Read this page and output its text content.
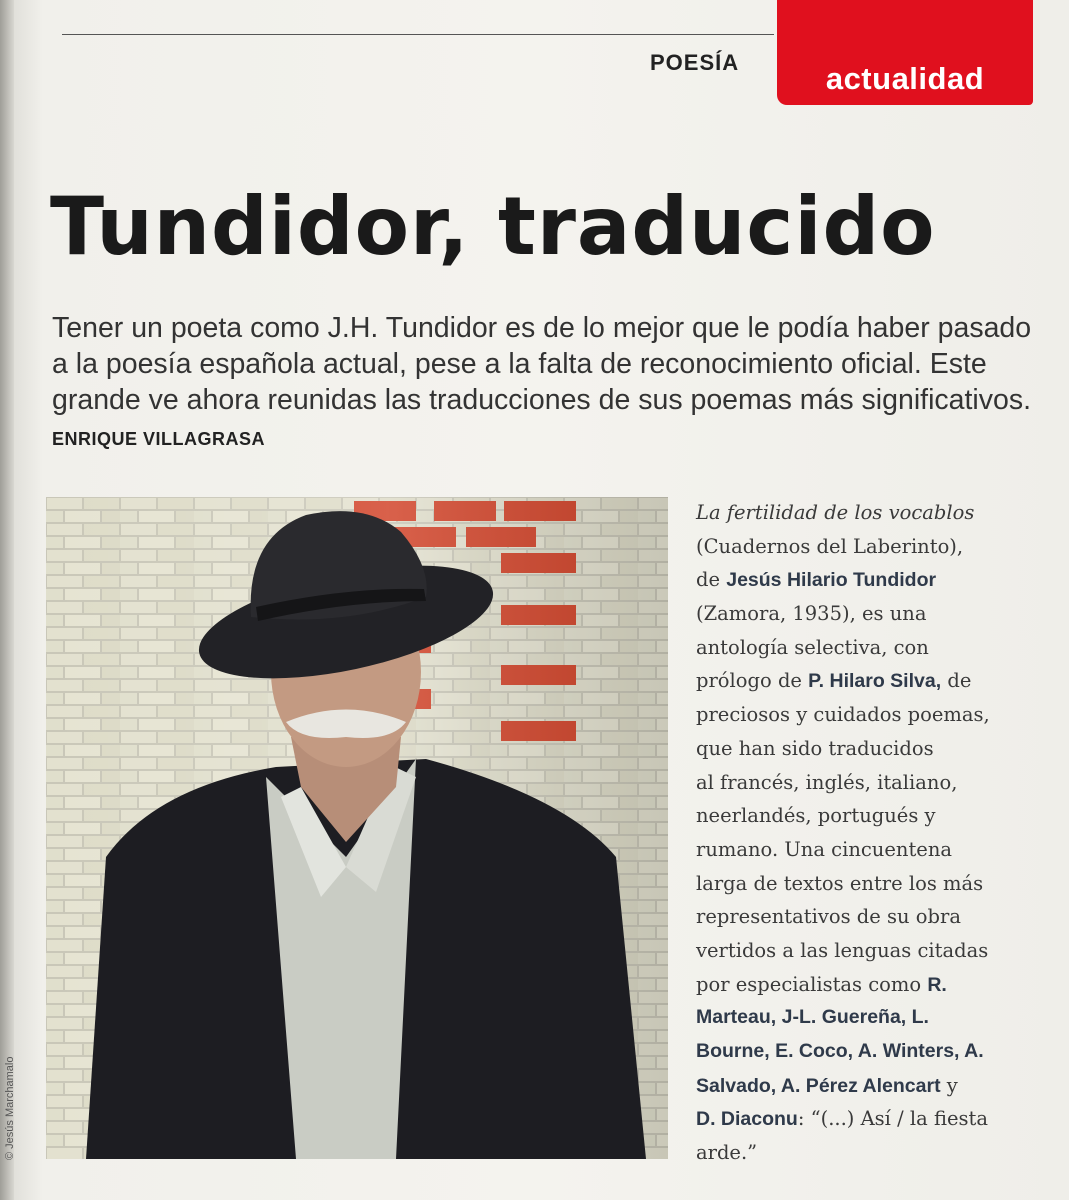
POESÍA	actualidad
Tundidor, traducido

Tener un poeta como J.H. Tundidor es de lo mejor que le podía haber pasado a la poesía española actual, pese a la falta de reconocimiento oficial. Este grande ve ahora reunidas las traducciones de sus poemas más significativos. ENRIQUE VILLAGRASA

© Jesús Marchamalo
La fertilidad de los vocablos
(Cuadernos del Laberinto),
de Jesús Hilario Tundidor
(Zamora, 1935), es una
antología selectiva, con
prólogo de P. Hilaro Silva, de
preciosos y cuidados poemas,
que han sido traducidos
al francés, inglés, italiano,
neerlandés, portugués y
rumano. Una cincuentena
larga de textos entre los más
representativos de su obra
vertidos a las lenguas citadas
por especialistas como R.
Marteau, J-L. Guereña, L.
Bourne, E. Coco, A. Winters, A.
Salvado, A. Pérez Alencart y
D. Diaconu: “(...) Así / la fiesta
arde.”
